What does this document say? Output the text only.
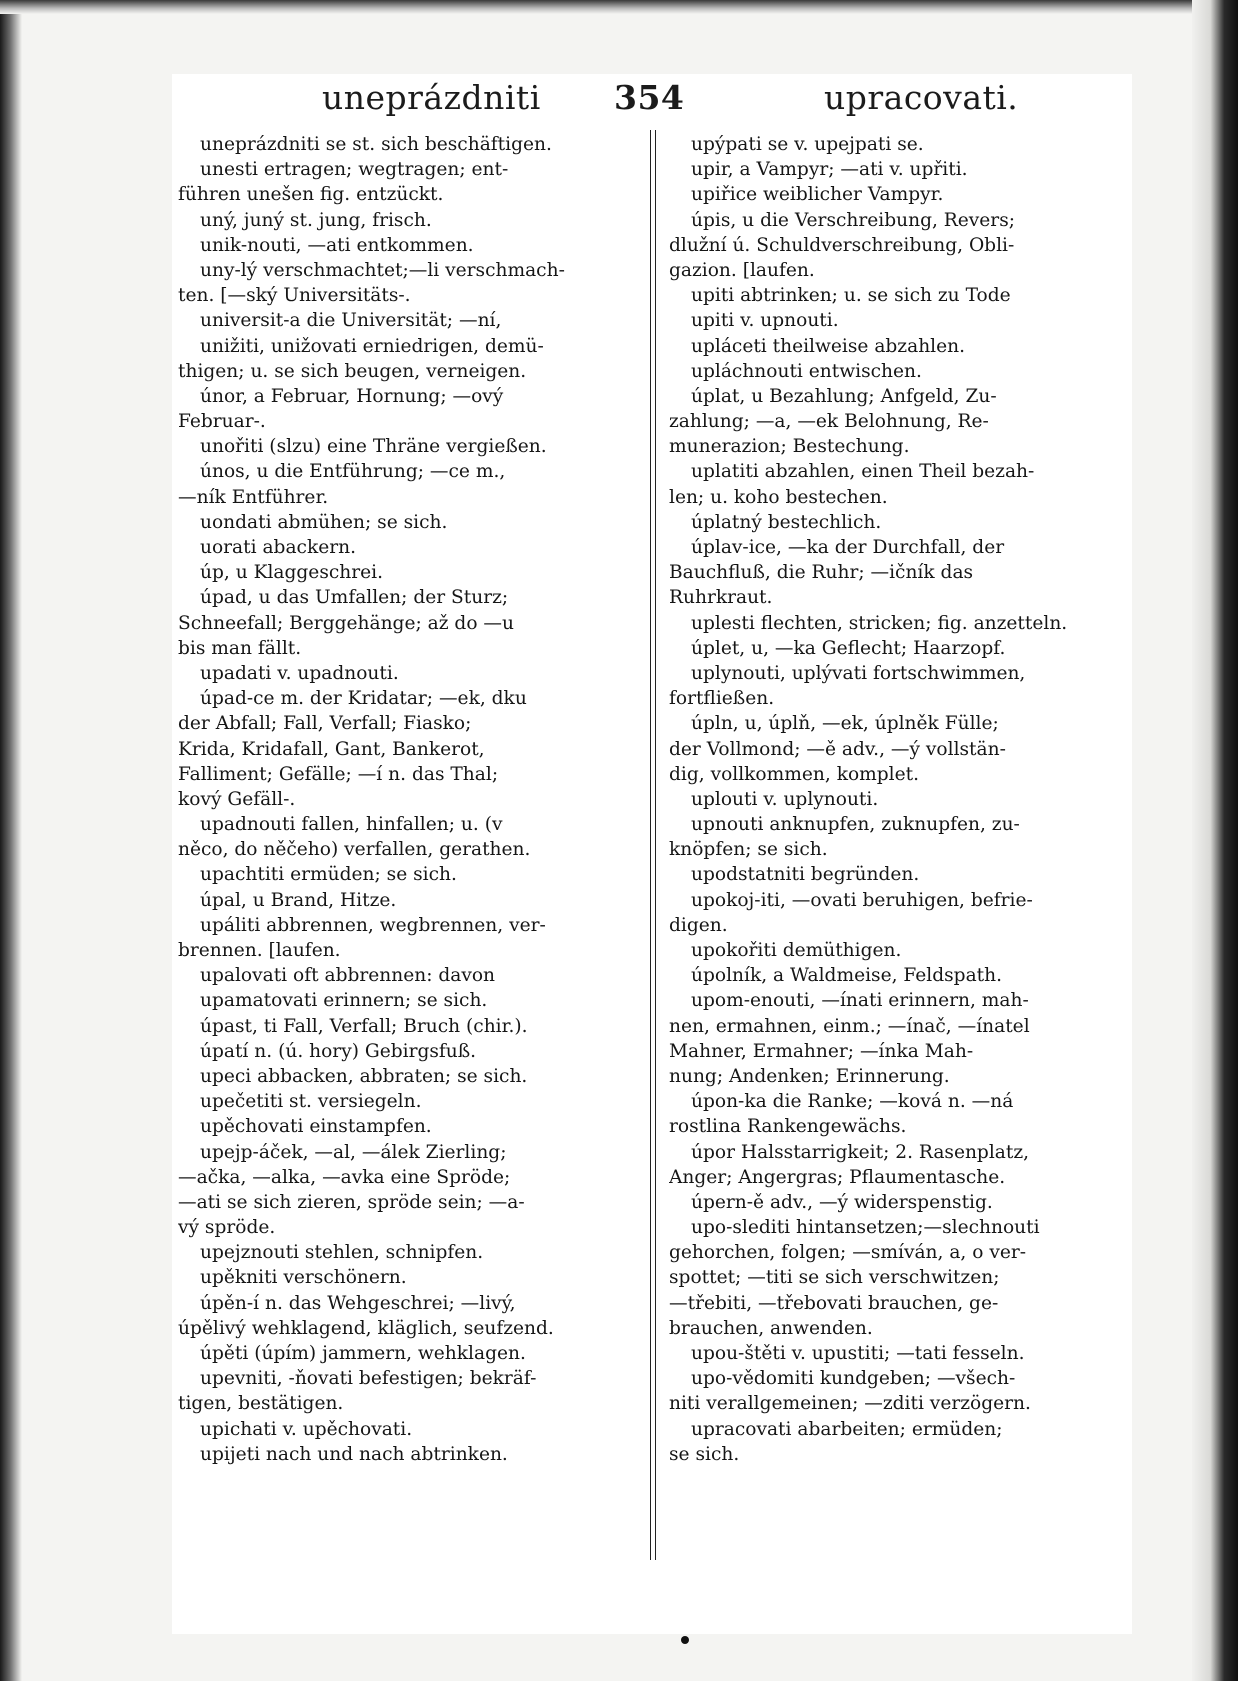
uneprázdniti 354	upracovati.
uneprázdniti se st. sich beschäftigen.
unesti ertragen; wegtragen; ent-
führen unešen fig. entzückt.
uný, juný st. jung, frisch.
unik-nouti, —ati entkommen.
uny-lý verschmachtet;—li verschmach-
ten. [—ský Universitäts-.
universit-a die Universität; —ní,
unižiti, unižovati erniedrigen, demü-
thigen; u. se sich beugen, verneigen.
únor, a Februar, Hornung; —ový
Februar-.
unořiti (slzu) eine Thräne vergießen.
únos, u die Entführung; —ce m.,
—ník Entführer.
uondati abmühen; se sich.
uorati abackern.
úp, u Klaggeschrei.
úpad, u das Umfallen; der Sturz;
Schneefall; Berggehänge; až do —u
bis man fällt.
upadati v. upadnouti.
úpad-ce m. der Kridatar; —ek, dku
der Abfall; Fall, Verfall; Fiasko;
Krida, Kridafall, Gant, Bankerot,
Falliment; Gefälle; —í n. das Thal;
kový Gefäll-.
upadnouti fallen, hinfallen; u. (v
něco, do něčeho) verfallen, gerathen.
upachtiti ermüden; se sich.
úpal, u Brand, Hitze.
upáliti abbrennen, wegbrennen, ver-
brennen. [laufen.
upalovati oft abbrennen: davon
upamatovati erinnern; se sich.
úpast, ti Fall, Verfall; Bruch (chir.).
úpatí n. (ú. hory) Gebirgsfuß.
upeci abbacken, abbraten; se sich.
upečetiti st. versiegeln.
upěchovati einstampfen.
upejp-áček, —al, —álek Zierling;
—ačka, —alka, —avka eine Spröde;
—ati se sich zieren, spröde sein; —a-
vý spröde.
upejznouti stehlen, schnipfen.
upěkniti verschönern.
úpěn-í n. das Wehgeschrei; —livý,
úpělivý wehklagend, kläglich, seufzend.
úpěti (úpím) jammern, wehklagen.
upevniti, -ňovati befestigen; bekräf-
tigen, bestätigen.
upichati v. upěchovati.
upijeti nach und nach abtrinken.
upýpati se v. upejpati se.
upir, a Vampyr; —ati v. upřiti.
upiřice weiblicher Vampyr.
úpis, u die Verschreibung, Revers;
dlužní ú. Schuldverschreibung, Obli-
gazion. [laufen.
upiti abtrinken; u. se sich zu Tode
upiti v. upnouti.
upláceti theilweise abzahlen.
upláchnouti entwischen.
úplat, u Bezahlung; Anfgeld, Zu-
zahlung; —a, —ek Belohnung, Re-
munerazion; Bestechung.
uplatiti abzahlen, einen Theil bezah-
len; u. koho bestechen.
úplatný bestechlich.
úplav-ice, —ka der Durchfall, der
Bauchfluß, die Ruhr; —ičník das
Ruhrkraut.
uplesti flechten, stricken; fig. anzetteln.
úplet, u, —ka Geflecht; Haarzopf.
uplynouti, uplývati fortschwimmen,
fortfließen.
úpln, u, úplň, —ek, úplněk Fülle;
der Vollmond; —ě adv., —ý vollstän-
dig, vollkommen, komplet.
uplouti v. uplynouti.
upnouti anknupfen, zuknupfen, zu-
knöpfen; se sich.
upodstatniti begründen.
upokoj-iti, —ovati beruhigen, befrie-
digen.
upokořiti demüthigen.
úpolník, a Waldmeise, Feldspath.
upom-enouti, —ínati erinnern, mah-
nen, ermahnen, einm.; —ínač, —ínatel
Mahner, Ermahner; —ínka Mah-
nung; Andenken; Erinnerung.
úpon-ka die Ranke; —ková n. —ná
rostlina Rankengewächs.
úpor Halsstarrigkeit; 2. Rasenplatz,
Anger; Angergras; Pflaumentasche.
úpern-ě adv., —ý widerspenstig.
upo-slediti hintansetzen;—slechnouti
gehorchen, folgen; —smíván, a, o ver-
spottet; —titi se sich verschwitzen;
—třebiti, —třebovati brauchen, ge-
brauchen, anwenden.
upou-štěti v. upustiti; —tati fesseln.
upo-vědomiti kundgeben; —všech-
niti verallgemeinen; —zditi verzögern.
upracovati abarbeiten; ermüden;
se sich.
